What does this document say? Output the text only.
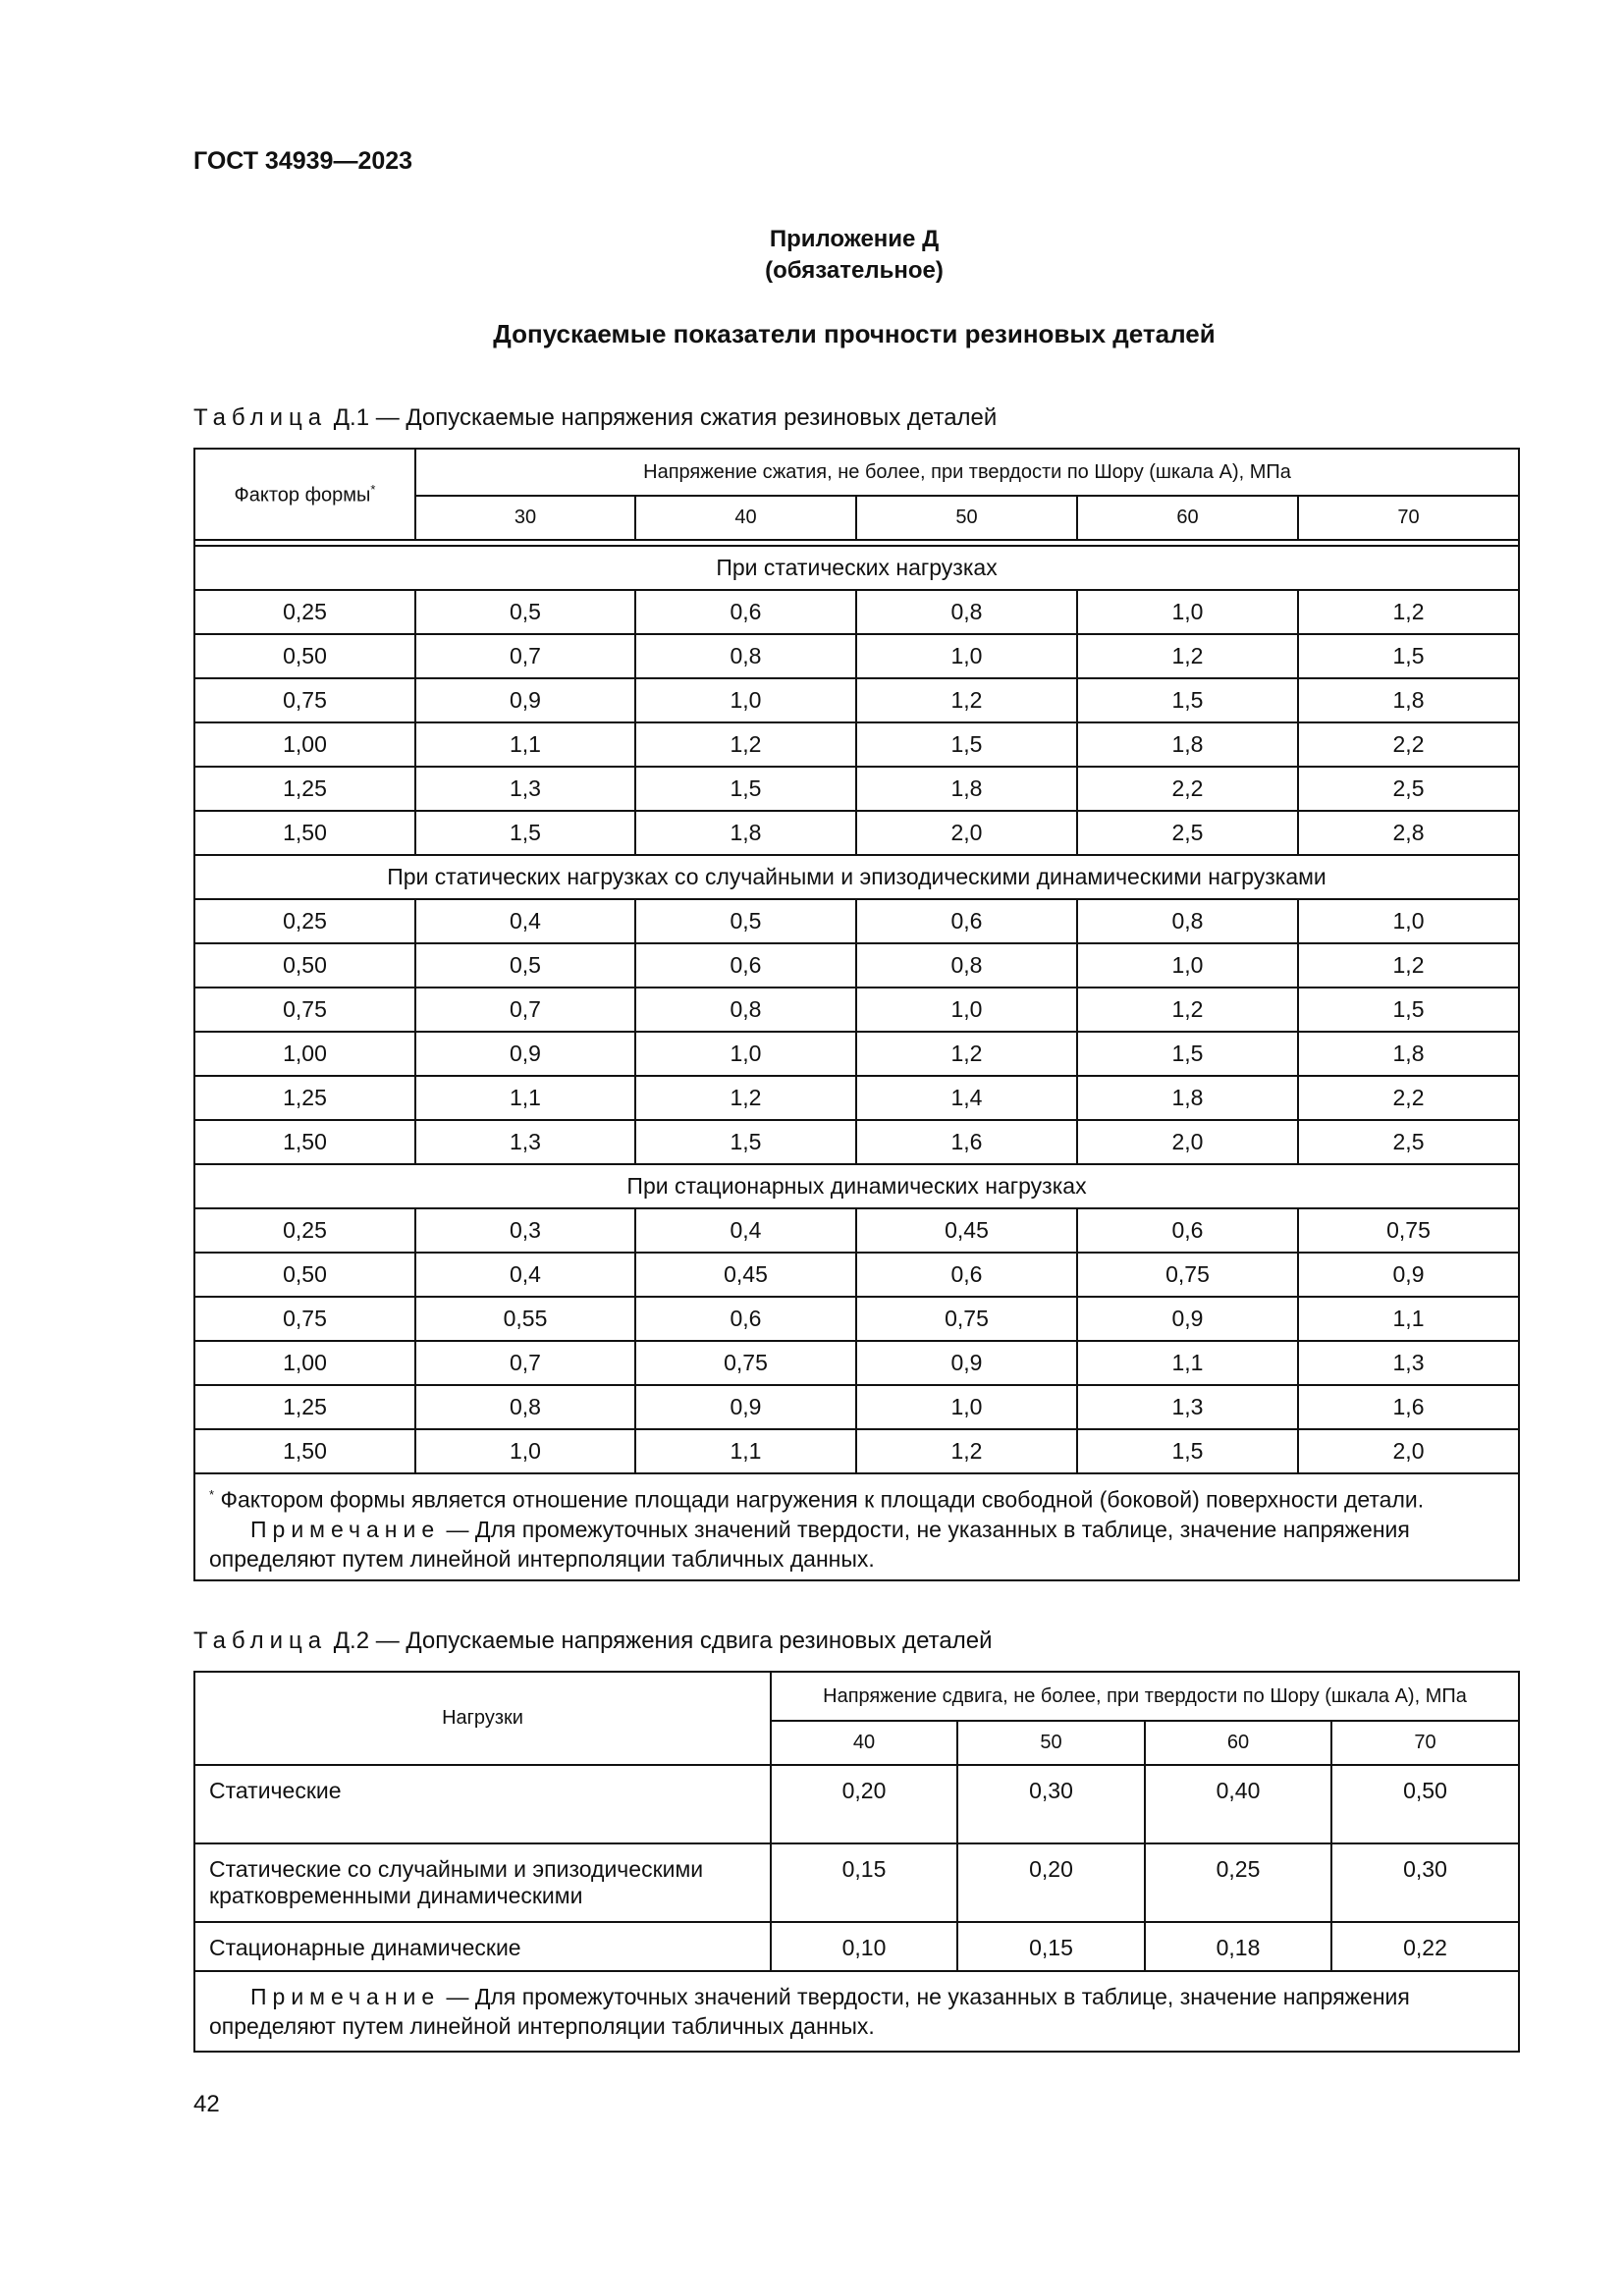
ГОСТ 34939—2023
Приложение Д
(обязательное)
Допускаемые показатели прочности резиновых деталей
Таблица Д.1 — Допускаемые напряжения сжатия резиновых деталей
Фактор формы*	Напряжение сжатия, не более, при твердости по Шору (шкала А), МПа				
	30	40	50	60	70

При статических нагрузках					
0,25	0,5	0,6	0,8	1,0	1,2
0,50	0,7	0,8	1,0	1,2	1,5
0,75	0,9	1,0	1,2	1,5	1,8
1,00	1,1	1,2	1,5	1,8	2,2
1,25	1,3	1,5	1,8	2,2	2,5
1,50	1,5	1,8	2,0	2,5	2,8
При статических нагрузках со случайными и эпизодическими динамическими нагрузками					
0,25	0,4	0,5	0,6	0,8	1,0
0,50	0,5	0,6	0,8	1,0	1,2
0,75	0,7	0,8	1,0	1,2	1,5
1,00	0,9	1,0	1,2	1,5	1,8
1,25	1,1	1,2	1,4	1,8	2,2
1,50	1,3	1,5	1,6	2,0	2,5
При стационарных динамических нагрузках					
0,25	0,3	0,4	0,45	0,6	0,75
0,50	0,4	0,45	0,6	0,75	0,9
0,75	0,55	0,6	0,75	0,9	1,1
1,00	0,7	0,75	0,9	1,1	1,3
1,25	0,8	0,9	1,0	1,3	1,6
1,50	1,0	1,1	1,2	1,5	2,0

* Фактором формы является отношение площади нагружения к площади свободной (боковой) поверхности детали.
Примечание — Для промежуточных значений твердости, не указанных в таблице, значение напряжения определяют путем линейной интерполяции табличных данных.					
Таблица Д.2 — Допускаемые напряжения сдвига резиновых деталей
Нагрузки	Напряжение сдвига, не более, при твердости по Шору (шкала А), МПа			
	40	50	60	70
Статические	0,20	0,30	0,40	0,50
Статические со случайными и эпизодическими кратковременными динамическими	0,15	0,20	0,25	0,30
Стационарные динамические	0,10	0,15	0,18	0,22
Примечание — Для промежуточных значений твердости, не указанных в таблице, значение напряжения определяют путем линейной интерполяции табличных данных.				
42
